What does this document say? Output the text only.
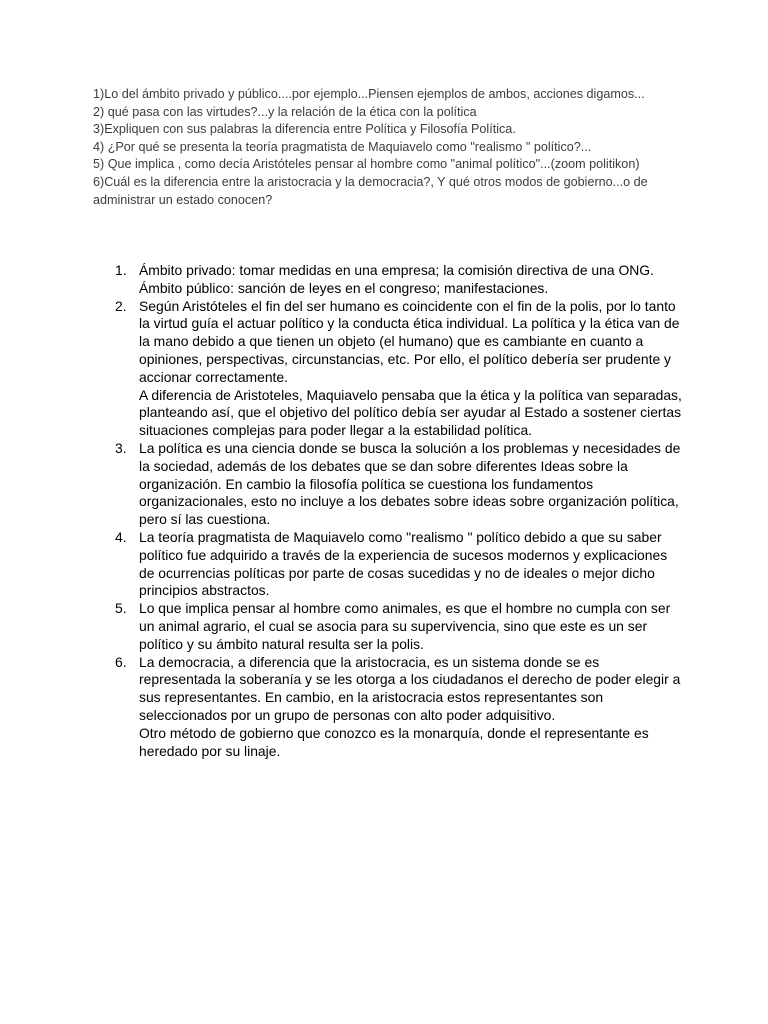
1)Lo del ámbito privado y público....por ejemplo...Piensen ejemplos de ambos, acciones digamos...

2) qué pasa con las virtudes?...y la relación de la ética con la política

3)Expliquen con sus palabras la diferencia entre Política y Filosofía Política.

4) ¿Por qué se presenta la teoría pragmatista de Maquiavelo como "realismo " político?...

5) Que implica , como decía Aristóteles pensar al hombre como "animal político"...(zoom politikon)

6)Cuál es la diferencia entre la aristocracia y la democracia?, Y qué otros modos de gobierno...o de administrar un estado conocen?

1. Ámbito privado: tomar medidas en una empresa; la comisión directiva de una ONG. Ámbito público: sanción de leyes en el congreso; manifestaciones.
2. Según Aristóteles el fin del ser humano es coincidente con el fin de la polis, por lo tanto la virtud guía el actuar político y la conducta ética individual. La política y la ética van de la mano debido a que tienen un objeto (el humano) que es cambiante en cuanto a opiniones, perspectivas, circunstancias, etc. Por ello, el político debería ser prudente y accionar correctamente.
A diferencia de Aristoteles, Maquiavelo pensaba que la ética y la política van separadas, planteando así, que el objetivo del político debía ser ayudar al Estado a sostener ciertas situaciones complejas para poder llegar a la estabilidad política.
3. La política es una ciencia donde se busca la solución a los problemas y necesidades de la sociedad, además de los debates que se dan sobre diferentes Ideas sobre la organización. En cambio la filosofía política se cuestiona los fundamentos organizacionales, esto no incluye a los debates sobre ideas sobre organización política, pero sí las cuestiona.
4. La teoría pragmatista de Maquiavelo como "realismo " político debido a que su saber político fue adquirido a través de la experiencia de sucesos modernos y explicaciones de ocurrencias políticas por parte de cosas sucedidas y no de ideales o mejor dicho principios abstractos.
5. Lo que implica pensar al hombre como animales, es que el hombre no cumpla con ser un animal agrario, el cual se asocia para su supervivencia, sino que este es un ser político y su ámbito natural resulta ser la polis.
6. La democracia, a diferencia que la aristocracia, es un sistema donde se es representada la soberanía y se les otorga a los ciudadanos el derecho de poder elegir a sus representantes. En cambio, en la aristocracia estos representantes son seleccionados por un grupo de personas con alto poder adquisitivo.
Otro método de gobierno que conozco es la monarquía, donde el representante es heredado por su linaje.
